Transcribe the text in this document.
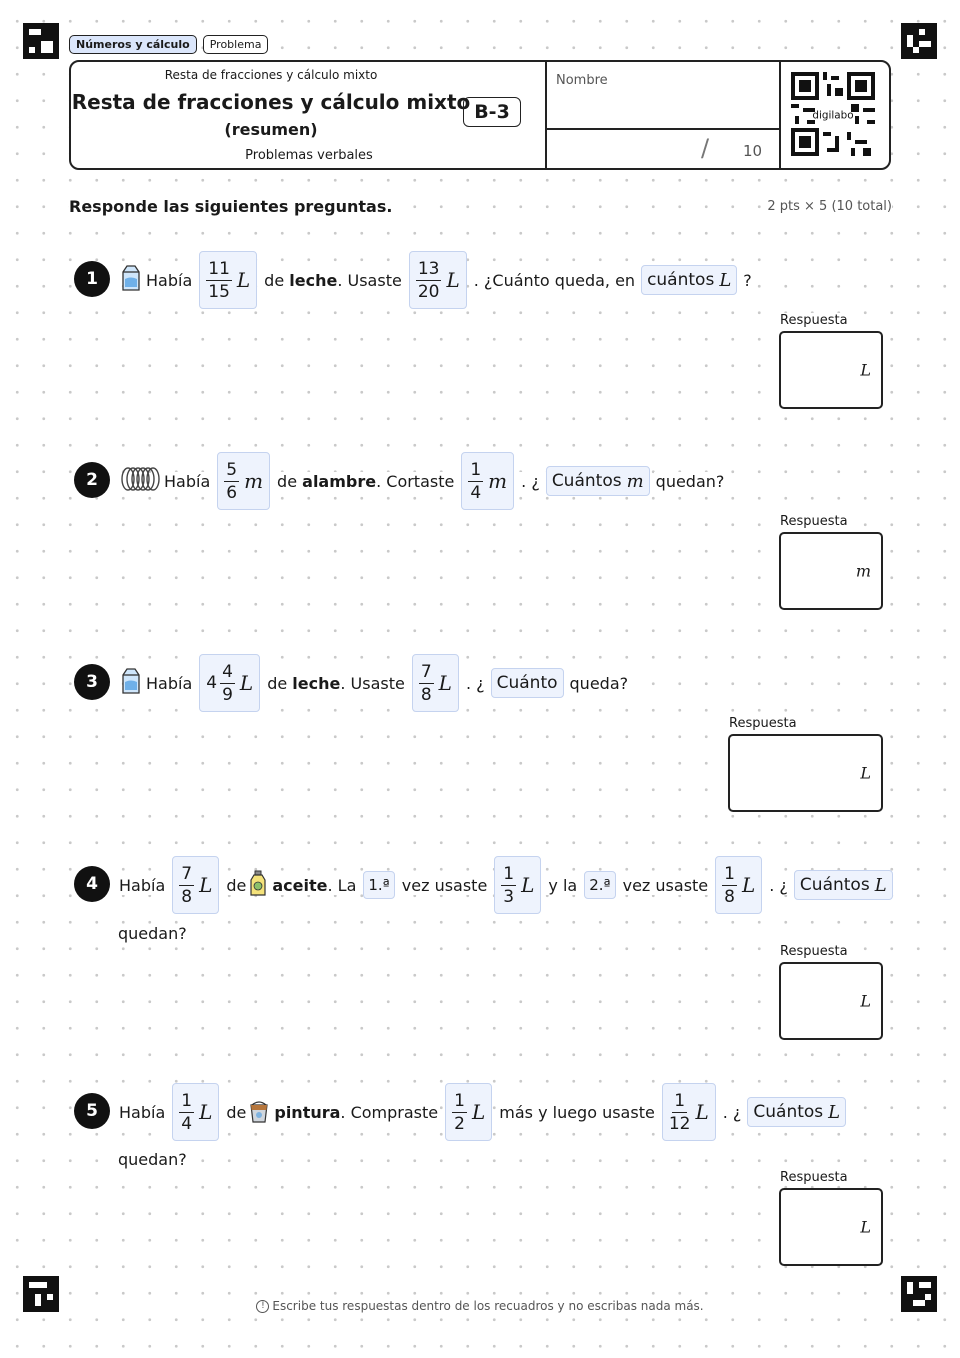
Números y cálculo	Problema
Resta de fracciones y cálculo mixto
Resta de fracciones y cálculo mixto
(resumen)
Problemas verbales
B-3
Nombre
/ 10
digilabo
Responde las siguientes preguntas.	2 pts × 5 (10 total)
1	Había $\frac{11}{15}$ L de leche. Usaste $\frac{13}{20}$ L . ¿Cuánto queda, en cuántos L ?
Respuesta
L
2	Había $\frac{5}{6}$ m de alambre. Cortaste $\frac{1}{4}$ m . ¿ Cuántos m quedan?
Respuesta
m
3	Había $4 \frac{4}{9}$ L de leche. Usaste $\frac{7}{8}$ L . ¿ Cuánto queda?
Respuesta
L
4	Había $\frac{7}{8}$ L de aceite. La 1.ª vez usaste $\frac{1}{3}$ L y la 2.ª vez usaste $\frac{1}{8}$ L . ¿ Cuántos L
quedan?
Respuesta
L
5	Había $\frac{1}{4}$ L de pintura. Compraste $\frac{1}{2}$ L más y luego usaste $\frac{1}{12}$ L . ¿ Cuántos L
quedan?
Respuesta
L
! Escribe tus respuestas dentro de los recuadros y no escribas nada más.
